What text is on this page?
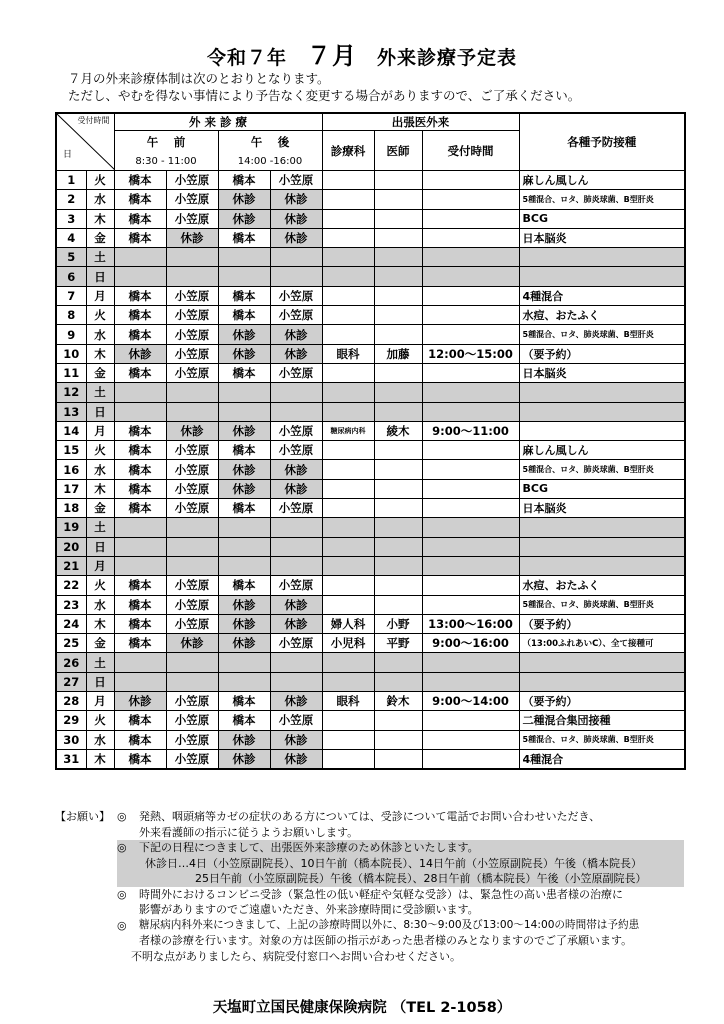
令和７年　 ７月　 外来診療予定表
７月の外来診療体制は次のとおりとなります。
ただし、やむを得ない事情により予告なく変更する場合がありますので、ご了承ください。
受付時間
日		外 来 診 療				出張医外来			各種予防接種
		午　 前		午　 後		診療科	医師	受付時間	
		8:30 - 11:00		14:00 -16:00					
1	火	橋本	小笠原	橋本	小笠原				麻しん風しん
2	水	橋本	小笠原	休診	休診				5種混合、ロタ、肺炎球菌、B型肝炎
3	木	橋本	小笠原	休診	休診				BCG
4	金	橋本	休診	橋本	休診				日本脳炎
5	土								
6	日								
7	月	橋本	小笠原	橋本	小笠原				4種混合
8	火	橋本	小笠原	橋本	小笠原				水痘、おたふく
9	水	橋本	小笠原	休診	休診				5種混合、ロタ、肺炎球菌、B型肝炎
10	木	休診	小笠原	休診	休診	眼科	加藤	12:00～15:00	（要予約）
11	金	橋本	小笠原	橋本	小笠原				日本脳炎
12	土								
13	日								
14	月	橋本	休診	休診	小笠原	糖尿病内科	綾木	9:00～11:00	
15	火	橋本	小笠原	橋本	小笠原				麻しん風しん
16	水	橋本	小笠原	休診	休診				5種混合、ロタ、肺炎球菌、B型肝炎
17	木	橋本	小笠原	休診	休診				BCG
18	金	橋本	小笠原	橋本	小笠原				日本脳炎
19	土								
20	日								
21	月								
22	火	橋本	小笠原	橋本	小笠原				水痘、おたふく
23	水	橋本	小笠原	休診	休診				5種混合、ロタ、肺炎球菌、B型肝炎
24	木	橋本	小笠原	休診	休診	婦人科	小野	13:00～16:00	（要予約）
25	金	橋本	休診	休診	小笠原	小児科	平野	9:00～16:00	（13:00ふれあいC）、全て接種可
26	土								
27	日								
28	月	休診	小笠原	橋本	休診	眼科	鈴木	9:00～14:00	（要予約）
29	火	橋本	小笠原	橋本	小笠原				二種混合集団接種
30	水	橋本	小笠原	休診	休診				5種混合、ロタ、肺炎球菌、B型肝炎
31	木	橋本	小笠原	休診	休診				4種混合
【お願い】 ◎ 発熱、咽頭痛等カゼの症状のある方については、受診について電話でお問い合わせいただき、
外来看護師の指示に従うようお願いします。
◎ 下記の日程につきまして、出張医外来診療のため休診といたします。
休診日…4日（小笠原副院長）、10日午前（橋本院長）、14日午前（小笠原副院長）午後（橋本院長）
25日午前（小笠原副院長）午後（橋本院長）、28日午前（橋本院長）午後（小笠原副院長）
◎ 時間外におけるコンビニ受診（緊急性の低い軽症や気軽な受診）は、緊急性の高い患者様の治療に
影響がありますのでご遠慮いただき、外来診療時間に受診願います。
◎ 糖尿病内科外来につきまして、上記の診療時間以外に、8:30～9:00及び13:00～14:00の時間帯は予約患
者様の診療を行います。対象の方は医師の指示があった患者様のみとなりますのでご了承願います。
不明な点がありましたら、病院受付窓口へお問い合わせください。
天塩町立国民健康保険病院 （TEL 2-1058）
